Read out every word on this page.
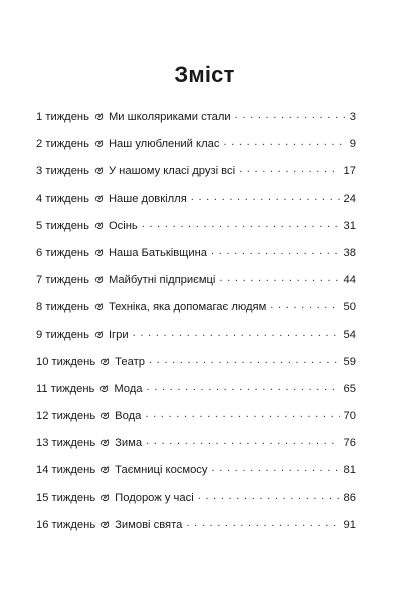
Зміст
1 тиждень Ми школяриками стали . . .	3
2 тиждень Наш улюблений клас . . .	9
3 тиждень У нашому класі друзі всі . . .	17
4 тиждень Наше довкілля . . .	24
5 тиждень Осінь . . .	31
6 тиждень Наша Батьківщина . . .	38
7 тиждень Майбутні підприємці . . .	44
8 тиждень Техніка, яка допомагає людям . . .	50
9 тиждень Ігри . . .	54
10 тиждень Театр . . .	59
11 тиждень Мода . . .	65
12 тиждень Вода . . .	70
13 тиждень Зима . . .	76
14 тиждень Таємниці космосу . . .	81
15 тиждень Подорож у часі . . .	86
16 тиждень Зимові свята . . .	91
